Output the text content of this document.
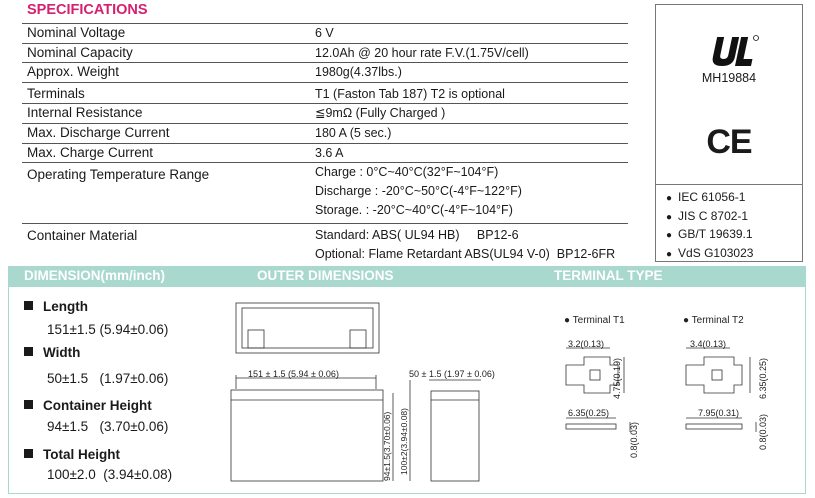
SPECIFICATIONS
Nominal Voltage	6 V
Nominal Capacity	12.0Ah @ 20 hour rate F.V.(1.75V/cell)
Approx. Weight	1980g(4.37lbs.)
Terminals	T1 (Faston Tab 187) T2 is optional
Internal Resistance	≦9mΩ (Fully Charged )
Max. Discharge Current	180 A (5 sec.)
Max. Charge Current	3.6 A
Operating Temperature Range	Charge : 0°C~40°C(32°F~104°F)
Discharge : -20°C~50°C(-4°F~122°F)
Storage. : -20°C~40°C(-4°F~104°F)
Container Material	Standard: ABS( UL94 HB)     BP12-6
Optional: Flame Retardant ABS(UL94 V-0)  BP12-6FR
MH19884
CE
● IEC 61056-1
● JIS C 8702-1
● GB/T 19639.1
● VdS G103023
DIMENSION(mm/inch)	OUTER DIMENSIONS	TERMINAL TYPE
Length
151±1.5 (5.94±0.06)
Width
50±1.5   (1.97±0.06)
Container Height
94±1.5   (3.70±0.06)
Total Height
100±2.0  (3.94±0.08)
151 ± 1.5 (5.94 ± 0.06)	50 ± 1.5 (1.97 ± 0.06)
94±1.5(3.70±0.06) 100±2(3.94±0.08)
● Terminal T1
3.2(0.13)
4.75(0.19)
6.35(0.25)
0.8(0.03)
● Terminal T2
3.4(0.13)
6.35(0.25)
7.95(0.31)
0.8(0.03)
